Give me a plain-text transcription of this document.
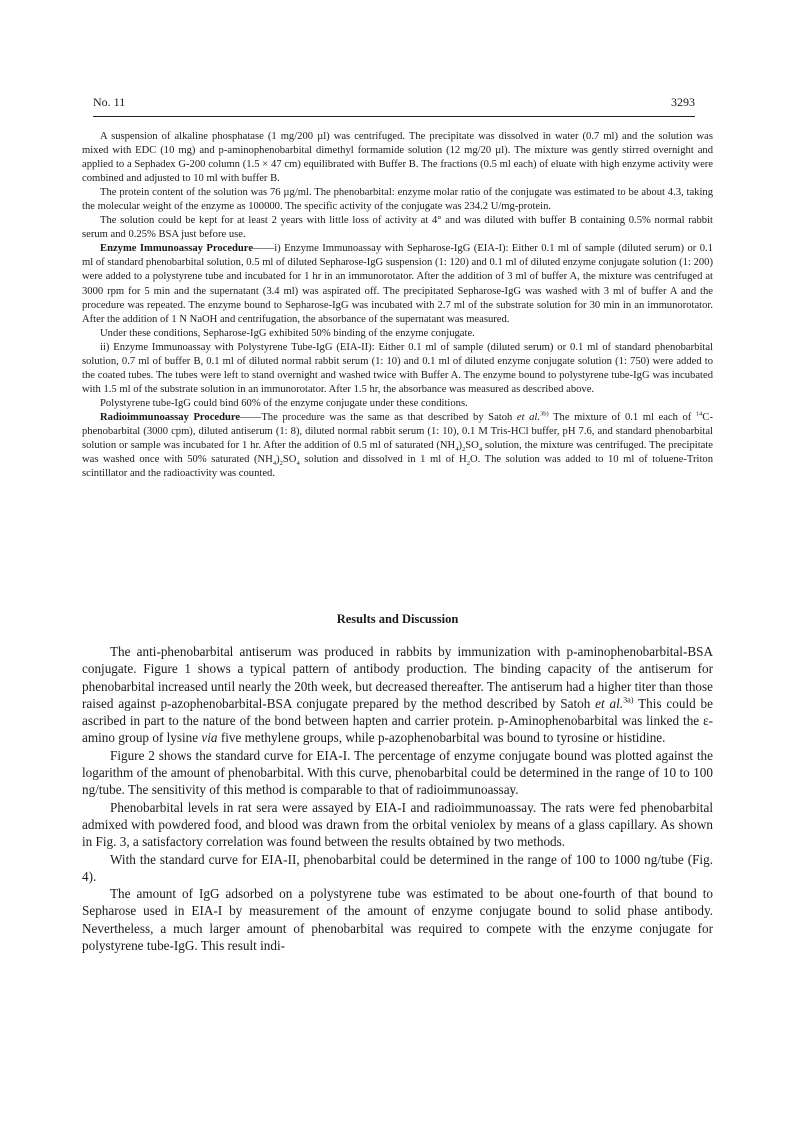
No. 11	3293

A suspension of alkaline phosphatase (1 mg/200 µl) was centrifuged. The precipitate was dissolved in water (0.7 ml) and the solution was mixed with EDC (10 mg) and p-aminophenobarbital dimethyl formamide solution (12 mg/20 µl). The mixture was gently stirred overnight and applied to a Sephadex G-200 column (1.5 × 47 cm) equilibrated with Buffer B. The fractions (0.5 ml each) of eluate with high enzyme activity were combined and adjusted to 10 ml with buffer B.

The protein content of the solution was 76 µg/ml. The phenobarbital: enzyme molar ratio of the conjugate was estimated to be about 4.3, taking the molecular weight of the enzyme as 100000. The specific activity of the conjugate was 234.2 U/mg-protein.

The solution could be kept for at least 2 years with little loss of activity at 4° and was diluted with buffer B containing 0.5% normal rabbit serum and 0.25% BSA just before use.

Enzyme Immunoassay Procedure——i) Enzyme Immunoassay with Sepharose-IgG (EIA-I): Either 0.1 ml of sample (diluted serum) or 0.1 ml of standard phenobarbital solution, 0.5 ml of diluted Sepharose-IgG suspension (1: 120) and 0.1 ml of diluted enzyme conjugate solution (1: 200) were added to a polystyrene tube and incubated for 1 hr in an immunorotator. After the addition of 3 ml of buffer A, the mixture was centrifuged at 3000 rpm for 5 min and the supernatant (3.4 ml) was aspirated off. The precipitated Sepharose-IgG was washed with 3 ml of buffer A and the procedure was repeated. The enzyme bound to Sepharose-IgG was incubated with 2.7 ml of the substrate solution for 30 min in an immunorotator. After the addition of 1 N NaOH and centrifugation, the absorbance of the supernatant was measured.

Under these conditions, Sepharose-IgG exhibited 50% binding of the enzyme conjugate.

ii) Enzyme Immunoassay with Polystyrene Tube-IgG (EIA-II): Either 0.1 ml of sample (diluted serum) or 0.1 ml of standard phenobarbital solution, 0.7 ml of buffer B, 0.1 ml of diluted normal rabbit serum (1: 10) and 0.1 ml of diluted enzyme conjugate solution (1: 750) were added to the coated tubes. The tubes were left to stand overnight and washed twice with Buffer A. The enzyme bound to polystyrene tube-IgG was incubated with 1.5 ml of the substrate solution in an immunorotator. After 1.5 hr, the absorbance was measured as described above.

Polystyrene tube-IgG could bind 60% of the enzyme conjugate under these conditions.

Radioimmunoassay Procedure——The procedure was the same as that described by Satoh et al.$^{3b)}$ The mixture of 0.1 ml each of $^{14}$C-phenobarbital (3000 cpm), diluted antiserum (1: 8), diluted normal rabbit serum (1: 10), 0.1 M Tris-HCl buffer, pH 7.6, and standard phenobarbital solution or sample was incubated for 1 hr. After the addition of 0.5 ml of saturated $(NH_4)_2SO_4$ solution, the mixture was centrifuged. The precipitate was washed once with 50% saturated $(NH_4)_2SO_4$ solution and dissolved in 1 ml of $H_2O$. The solution was added to 10 ml of toluene-Triton scintillator and the radioactivity was counted.

Results and Discussion

The anti-phenobarbital antiserum was produced in rabbits by immunization with p-aminophenobarbital-BSA conjugate. Figure 1 shows a typical pattern of antibody production. The binding capacity of the antiserum for phenobarbital increased until nearly the 20th week, but decreased thereafter. The antiserum had a higher titer than those raised against p-azophenobarbital-BSA conjugate prepared by the method described by Satoh et al.$^{3a)}$ This could be ascribed in part to the nature of the bond between hapten and carrier protein. p-Aminophenobarbital was linked the ε-amino group of lysine via five methylene groups, while p-azophenobarbital was bound to tyrosine or histidine.

Figure 2 shows the standard curve for EIA-I. The percentage of enzyme conjugate bound was plotted against the logarithm of the amount of phenobarbital. With this curve, phenobarbital could be determined in the range of 10 to 100 ng/tube. The sensitivity of this method is comparable to that of radioimmunoassay.

Phenobarbital levels in rat sera were assayed by EIA-I and radioimmunoassay. The rats were fed phenobarbital admixed with powdered food, and blood was drawn from the orbital veniolex by means of a glass capillary. As shown in Fig. 3, a satisfactory correlation was found between the results obtained by two methods.

With the standard curve for EIA-II, phenobarbital could be determined in the range of 100 to 1000 ng/tube (Fig. 4).

The amount of IgG adsorbed on a polystyrene tube was estimated to be about one-fourth of that bound to Sepharose used in EIA-I by measurement of the amount of enzyme conjugate bound to solid phase antibody. Nevertheless, a much larger amount of phenobarbital was required to compete with the enzyme conjugate for polystyrene tube-IgG. This result indi-
